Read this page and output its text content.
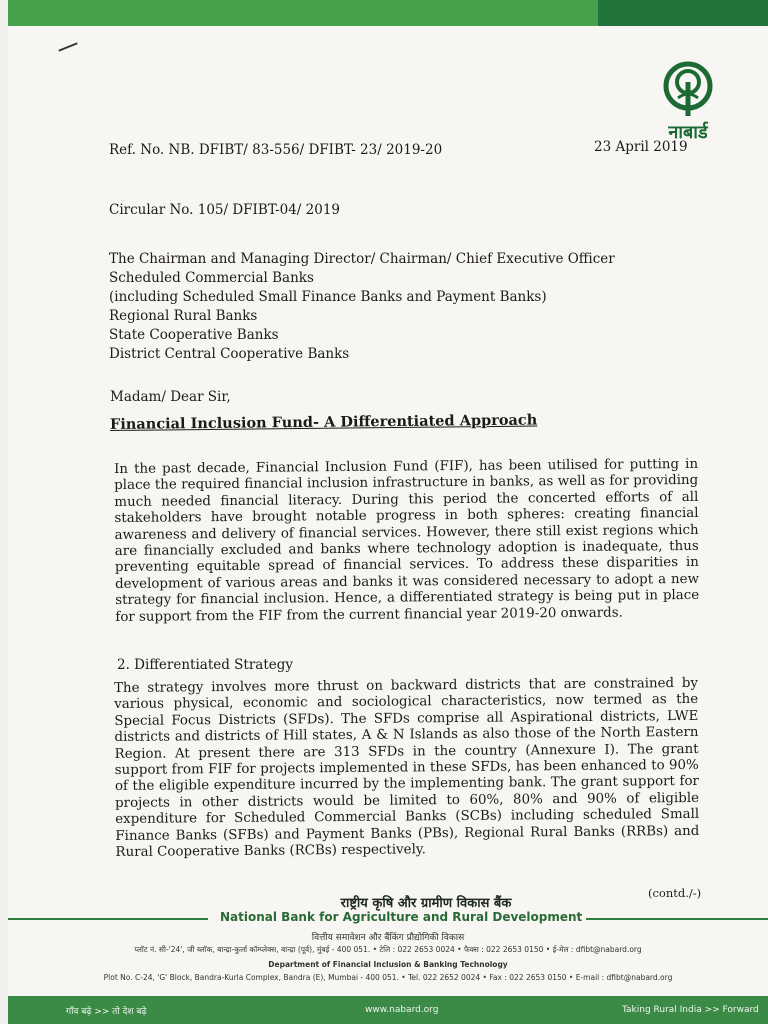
नाबार्ड
Ref. No. NB. DFIBT/ 83-556/ DFIBT- 23/ 2019-20	23 April 2019
Circular No. 105/ DFIBT-04/ 2019
The Chairman and Managing Director/ Chairman/ Chief Executive Officer
Scheduled Commercial Banks
(including Scheduled Small Finance Banks and Payment Banks)
Regional Rural Banks
State Cooperative Banks
District Central Cooperative Banks
Madam/ Dear Sir,
Financial Inclusion Fund- A Differentiated Approach
In the past decade, Financial Inclusion Fund (FIF), has been utilised for putting in place the required financial inclusion infrastructure in banks, as well as for providing much needed financial literacy. During this period the concerted efforts of all stakeholders have brought notable progress in both spheres: creating financial awareness and delivery of financial services. However, there still exist regions which are financially excluded and banks where technology adoption is inadequate, thus preventing equitable spread of financial services. To address these disparities in development of various areas and banks it was considered necessary to adopt a new strategy for financial inclusion. Hence, a differentiated strategy is being put in place for support from the FIF from the current financial year 2019-20 onwards.
2. Differentiated Strategy
The strategy involves more thrust on backward districts that are constrained by various physical, economic and sociological characteristics, now termed as the Special Focus Districts (SFDs). The SFDs comprise all Aspirational districts, LWE districts and districts of Hill states, A & N Islands as also those of the North Eastern Region. At present there are 313 SFDs in the country (Annexure I). The grant support from FIF for projects implemented in these SFDs, has been enhanced to 90% of the eligible expenditure incurred by the implementing bank. The grant support for projects in other districts would be limited to 60%, 80% and 90% of eligible expenditure for Scheduled Commercial Banks (SCBs) including scheduled Small Finance Banks (SFBs) and Payment Banks (PBs), Regional Rural Banks (RRBs) and Rural Cooperative Banks (RCBs) respectively.
(contd./-)
राष्ट्रीय कृषि और ग्रामीण विकास बैंक
National Bank for Agriculture and Rural Development
वित्तीय समावेशन और बैंकिंग प्रौद्योगिकी विकास
प्लॉट नं. सी-'24', जी ब्लॉक, बान्द्रा-कुर्ला कॉम्प्लेक्स, बान्द्रा (पूर्व), मुंबई - 400 051. • टेलि : 022 2653 0024 • फैक्स : 022 2653 0150 • ई-मेल : dfibt@nabard.org
Department of Financial Inclusion & Banking Technology
Plot No. C-24, 'G' Block, Bandra-Kurla Complex, Bandra (E), Mumbai - 400 051. • Tel. 022 2652 0024 • Fax : 022 2653 0150 • E-mail : dfibt@nabard.org
गाँव बढ़े >> तो देश बढ़े	www.nabard.org	Taking Rural India >> Forward
